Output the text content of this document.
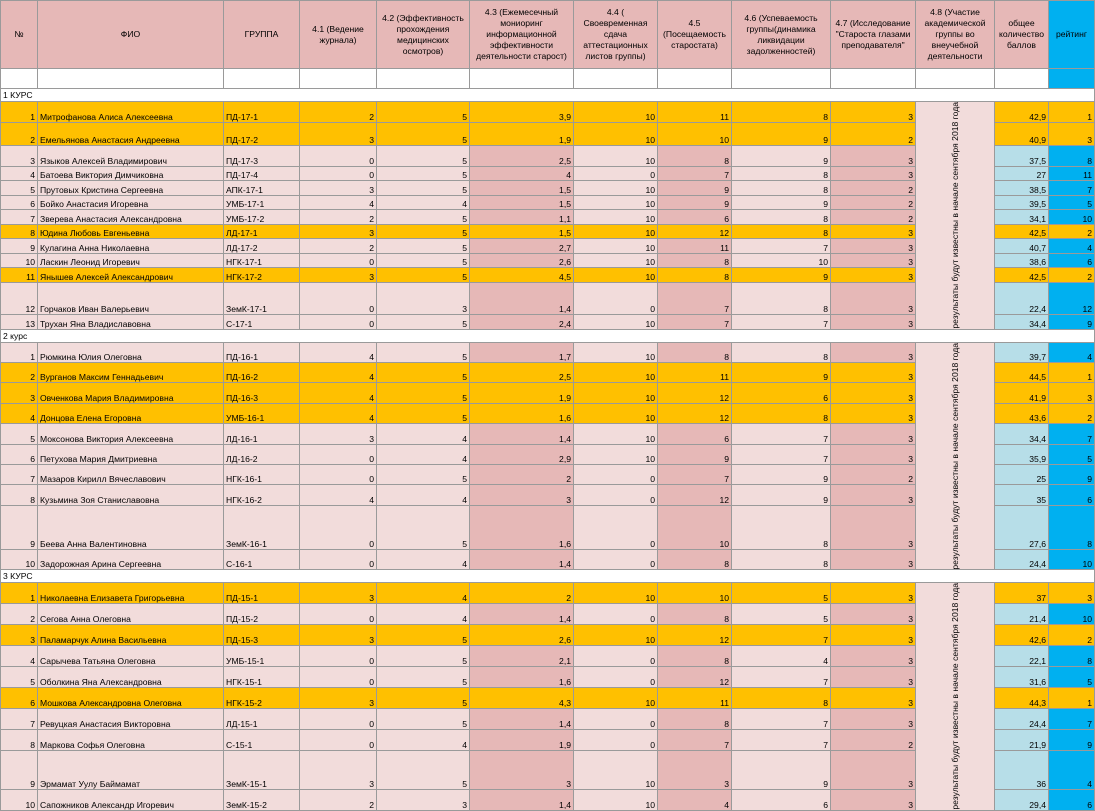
№	ФИО	ГРУППА	4.1 (Ведение журнала)	4.2 (Эффективность прохождения медицинских осмотров)	4.3 (Ежемесечный мониоринг информационной эффективности деятельности старост)	4.4 ( Своевременная сдача аттестационных листов группы)	4.5 (Посещаемость старостата)	4.6 (Успеваемость группы(динамика ликвидации задолженностей)	4.7 (Исследование "Староста глазами преподавателя"	4.8 (Участие академической группы во внеучебной деятельности	общее количество баллов	рейтинг

1 КУРС												
1	Митрофанова Алиса Алексеевна	ПД-17-1	2	5	3,9	10	11	8	3	результаты будут известны в начале сентября 2018 года	42,9	1
2	Емельянова Анастасия Андреевна	ПД-17-2	3	5	1,9	10	10	9	2		40,9	3
3	Языков Алексей Владимирович	ПД-17-3	0	5	2,5	10	8	9	3		37,5	8
4	Батоева Виктория Димчиковна	ПД-17-4	0	5	4	0	7	8	3		27	11
5	Прутовых Кристина Сергеевна	АПК-17-1	3	5	1,5	10	9	8	2		38,5	7
6	Бойко Анастасия Игоревна	УМБ-17-1	4	4	1,5	10	9	9	2		39,5	5
7	Зверева Анастасия Александровна	УМБ-17-2	2	5	1,1	10	6	8	2		34,1	10
8	Юдина Любовь Евгеньевна	ЛД-17-1	3	5	1,5	10	12	8	3		42,5	2
9	Кулагина Анна Николаевна	ЛД-17-2	2	5	2,7	10	11	7	3		40,7	4
10	Ласкин Леонид Игоревич	НГК-17-1	0	5	2,6	10	8	10	3		38,6	6
11	Янышев Алексей Александрович	НГК-17-2	3	5	4,5	10	8	9	3		42,5	2
12	Горчаков Иван Валерьевич	ЗемК-17-1	0	3	1,4	0	7	8	3		22,4	12
13	Трухан Яна Владиславовна	С-17-1	0	5	2,4	10	7	7	3		34,4	9
2 курс												
1	Рюмкина Юлия Олеговна	ПД-16-1	4	5	1,7	10	8	8	3	результаты будут известны в начале сентября 2018 года	39,7	4
2	Вурганов Максим Геннадьевич	ПД-16-2	4	5	2,5	10	11	9	3		44,5	1
3	Овченкова Мария Владимировна	ПД-16-3	4	5	1,9	10	12	6	3		41,9	3
4	Донцова Елена Егоровна	УМБ-16-1	4	5	1,6	10	12	8	3		43,6	2
5	Моксонова Виктория Алексеевна	ЛД-16-1	3	4	1,4	10	6	7	3		34,4	7
6	Петухова Мария Дмитриевна	ЛД-16-2	0	4	2,9	10	9	7	3		35,9	5
7	Мазаров Кирилл Вячеславович	НГК-16-1	0	5	2	0	7	9	2		25	9
8	Кузьмина Зоя Станиславовна	НГК-16-2	4	4	3	0	12	9	3		35	6
9	Беева Анна Валентиновна	ЗемК-16-1	0	5	1,6	0	10	8	3		27,6	8
10	Задорожная Арина Сергеевна	С-16-1	0	4	1,4	0	8	8	3		24,4	10
3 КУРС												
1	Николаевна Елизавета Григорьевна	ПД-15-1	3	4	2	10	10	5	3	результаты будут известны в начале сентября 2018 года	37	3
2	Сегова Анна Олеговна	ПД-15-2	0	4	1,4	0	8	5	3		21,4	10
3	Паламарчук Алина Васильевна	ПД-15-3	3	5	2,6	10	12	7	3		42,6	2
4	Сарычева Татьяна Олеговна	УМБ-15-1	0	5	2,1	0	8	4	3		22,1	8
5	Оболкина Яна Александровна	НГК-15-1	0	5	1,6	0	12	7	3		31,6	5
6	Мошкова Александровна Олеговна	НГК-15-2	3	5	4,3	10	11	8	3		44,3	1
7	Ревуцкая Анастасия Викторовна	ЛД-15-1	0	5	1,4	0	8	7	3		24,4	7
8	Маркова Софья Олеговна	С-15-1	0	4	1,9	0	7	7	2		21,9	9
9	Эрмамат Уулу Баймамат	ЗемК-15-1	3	5	3	10	3	9	3		36	4
10	Сапожников Александр Игоревич	ЗемК-15-2	2	3	1,4	10	4	6	3		29,4	6
